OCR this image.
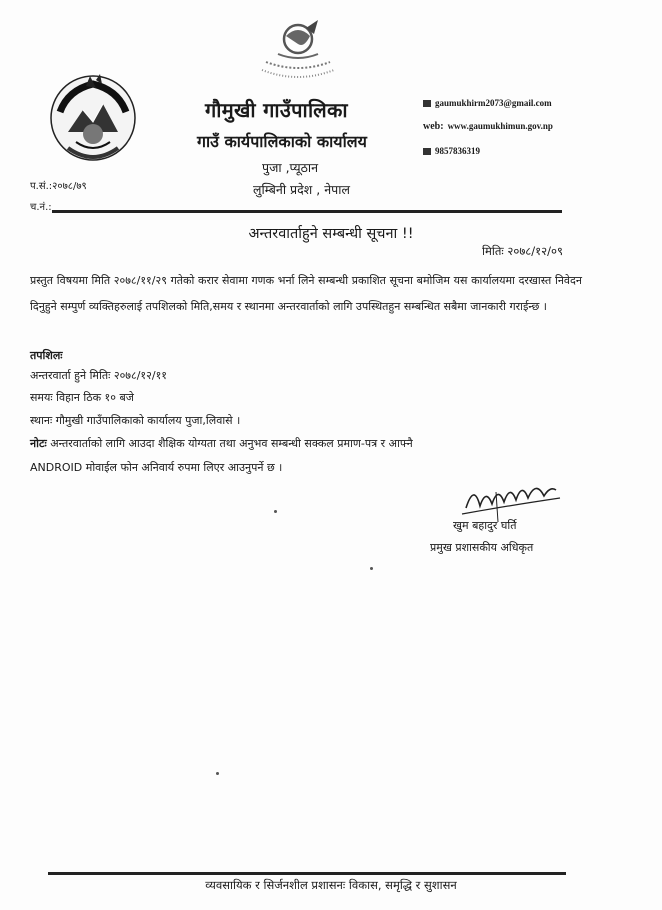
गौमुखी गाउँपालिका
गाउँ कार्यपालिकाको कार्यालय
पुजा ,प्यूठान
लुम्बिनी प्रदेश , नेपाल
gaumukhirm2073@gmail.com
web: www.gaumukhimun.gov.np
9857836319
प.सं.:२०७८/७९
च.नं.:
अन्तरवार्ताहुने सम्बन्धी सूचना !!
मितिः २०७८/१२/०९
प्रस्तुत विषयमा मिति २०७८/११/२९ गतेको करार सेवामा गणक भर्ना लिने सम्बन्धी प्रकाशित सूचना बमोजिम यस कार्यालयमा दरखास्त निवेदन दिनुहुने सम्पुर्ण व्यक्तिहरुलाई तपशिलको मिति,समय र स्थानमा अन्तरवार्ताको लागि उपस्थितहुन सम्बन्धित सबैमा जानकारी गराईन्छ ।
तपशिलः
अन्तरवार्ता हुने मितिः २०७८/१२/११
समयः विहान ठिक १० बजे
स्थानः गौमुखी गाउँपालिकाको कार्यालय पुजा,लिवासे ।
नोटः अन्तरवार्ताको लागि आउदा शैक्षिक योग्यता तथा अनुभव सम्बन्धी सक्कल प्रमाण-पत्र र आफ्नै
ANDROID मोवाईल फोन अनिवार्य रुपमा लिएर आउनुपर्ने छ ।
खुम बहादुर घर्ति
प्रमुख प्रशासकीय अधिकृत
व्यवसायिक र सिर्जनशील प्रशासनः विकास, समृद्धि र सुशासन
